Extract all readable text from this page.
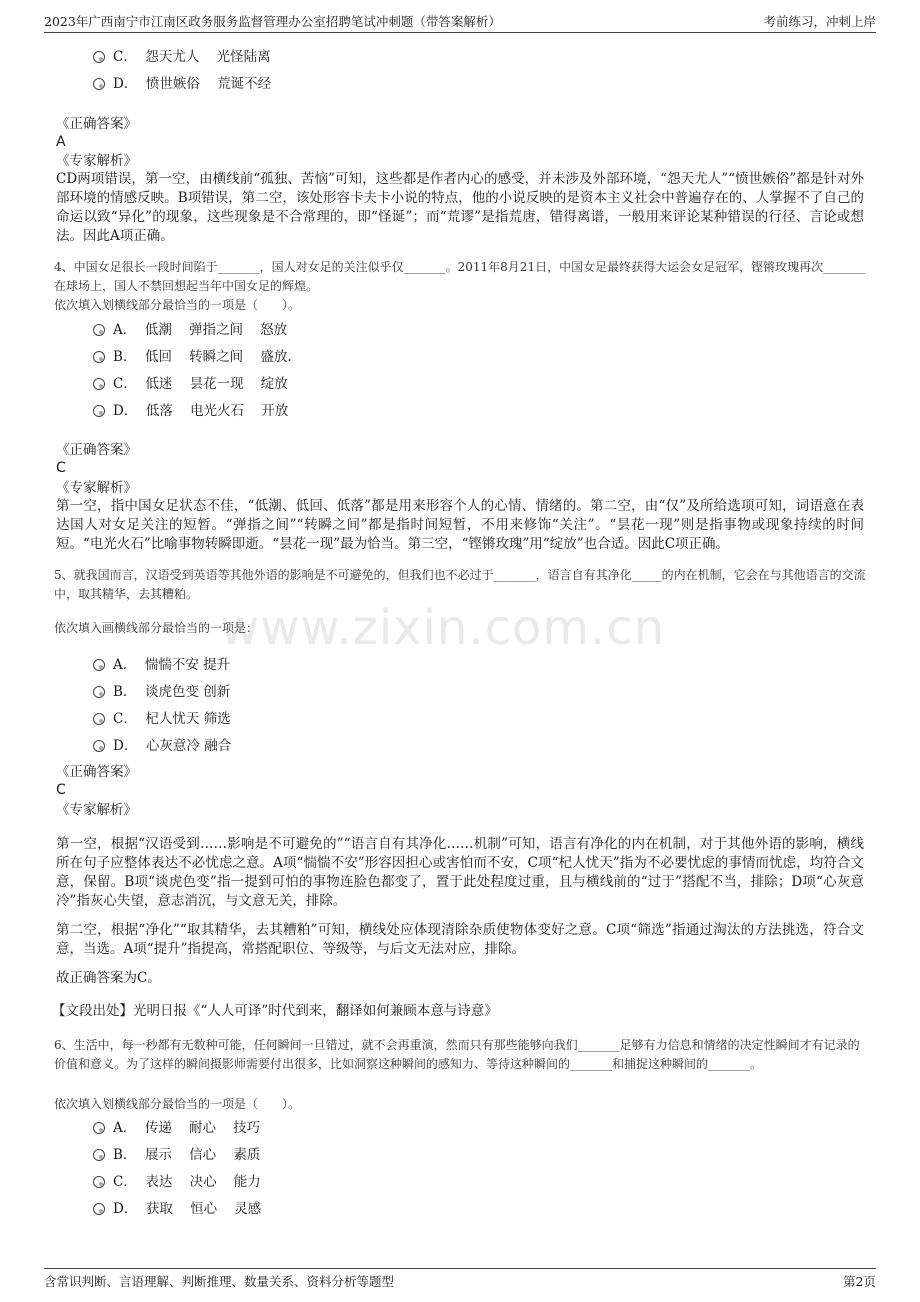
2023年广西南宁市江南区政务服务监督管理办公室招聘笔试冲刺题（带答案解析）	考前练习，冲刺上岸
www.zixin.com.cn
C．  怨天尤人    光怪陆离
D．  愤世嫉俗    荒诞不经
《正确答案》
A
《专家解析》
CD两项错误，第一空，由横线前“孤独、苦恼”可知，这些都是作者内心的感受，并未涉及外部环境，“怨天尤人”“愤世嫉俗”都是针对外部环境的情感反映。B项错误，第二空，该处形容卡夫卡小说的特点，他的小说反映的是资本主义社会中普遍存在的、人掌握不了自己的命运以致“异化”的现象，这些现象是不合常理的，即“怪诞”；而“荒谬”是指荒唐，错得离谱，一般用来评论某种错误的行径、言论或想法。因此A项正确。
4、中国女足很长一段时间陷于_______，国人对女足的关注似乎仅_______。2011年8月21日，中国女足最终获得大运会女足冠军，铿锵玫瑰再次_______在球场上，国人不禁回想起当年中国女足的辉煌。
依次填入划横线部分最恰当的一项是（　　）。
A．  低潮    弹指之间    怒放
B．  低回    转瞬之间    盛放.
C．  低迷    昙花一现    绽放
D．  低落    电光火石    开放
《正确答案》
C
《专家解析》
第一空，指中国女足状态不佳，“低潮、低回、低落”都是用来形容个人的心情、情绪的。第二空，由“仅”及所给选项可知，词语意在表达国人对女足关注的短暂。“弹指之间”“转瞬之间”都是指时间短暂，不用来修饰“关注”。“昙花一现”则是指事物或现象持续的时间短。“电光火石”比喻事物转瞬即逝。“昙花一现”最为恰当。第三空，“铿锵玫瑰”用“绽放”也合适。因此C项正确。
5、就我国而言，汉语受到英语等其他外语的影响是不可避免的，但我们也不必过于_______，语言自有其净化_____的内在机制，它会在与其他语言的交流中，取其精华，去其糟粕。
依次填入画横线部分最恰当的一项是：
A．  惴惴不安 提升
B．  谈虎色变 创新
C．  杞人忧天 筛选
D．  心灰意冷 融合
《正确答案》
C
《专家解析》
第一空，根据“汉语受到……影响是不可避免的”“语言自有其净化……机制”可知，语言有净化的内在机制，对于其他外语的影响，横线所在句子应整体表达不必忧虑之意。A项“惴惴不安”形容因担心或害怕而不安，C项“杞人忧天”指为不必要忧虑的事情而忧虑，均符合文意，保留。B项“谈虎色变”指一提到可怕的事物连脸色都变了，置于此处程度过重，且与横线前的“过于”搭配不当，排除；D项“心灰意冷”指灰心失望，意志消沉，与文意无关，排除。
第二空，根据“净化”“取其精华，去其糟粕”可知，横线处应体现清除杂质使物体变好之意。C项“筛选”指通过淘汰的方法挑选，符合文意，当选。A项“提升”指提高，常搭配职位、等级等，与后文无法对应，排除。
故正确答案为C。
【文段出处】光明日报《“人人可译”时代到来，翻译如何兼顾本意与诗意》
6、生活中，每一秒都有无数种可能，任何瞬间一旦错过，就不会再重演，然而只有那些能够向我们_______足够有力信息和情绪的决定性瞬间才有记录的价值和意义。为了这样的瞬间摄影师需要付出很多，比如洞察这种瞬间的感知力、等待这种瞬间的_______和捕捉这种瞬间的_______。
依次填入划横线部分最恰当的一项是（　　）。
A．  传递    耐心    技巧
B．  展示    信心    素质
C．  表达    决心    能力
D．  获取    恒心    灵感
含常识判断、言语理解、判断推理、数量关系、资料分析等题型	第2页
